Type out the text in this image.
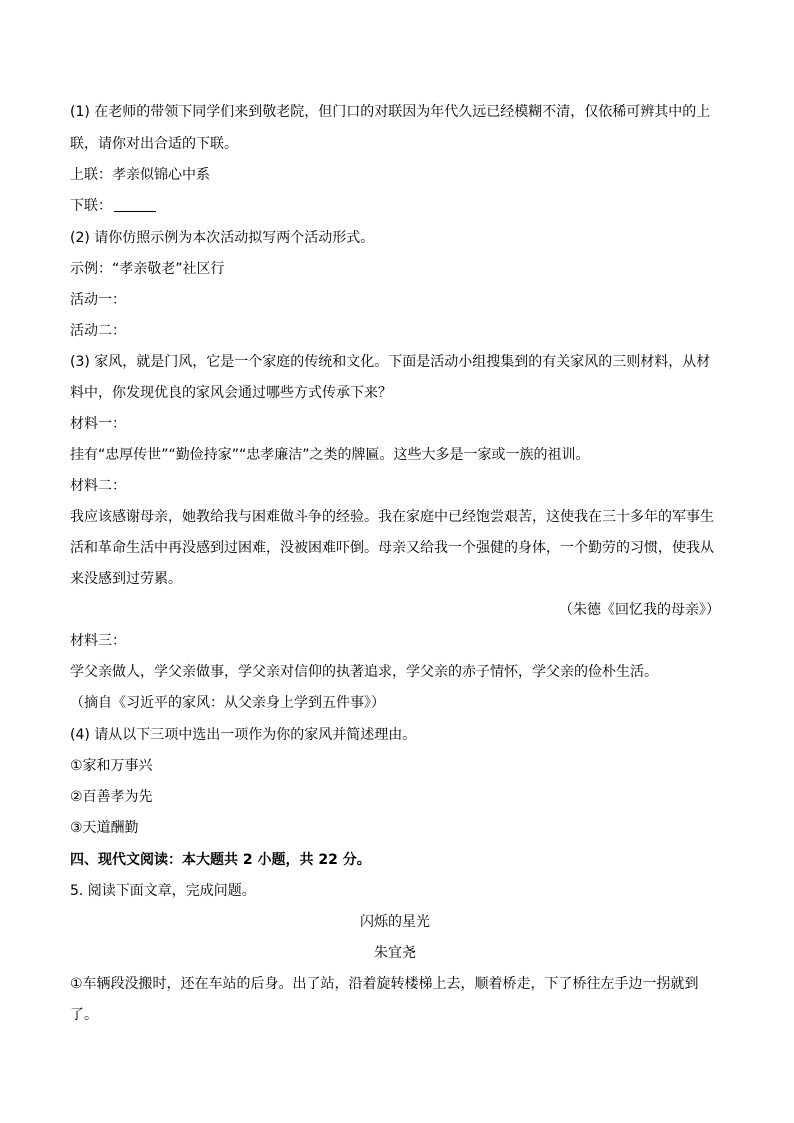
(1) 在老师的带领下同学们来到敬老院，但门口的对联因为年代久远已经模糊不清，仅依稀可辨其中的上
联，请你对出合适的下联。
上联：孝亲似锦心中系
下联：
(2) 请你仿照示例为本次活动拟写两个活动形式。
示例：“孝亲敬老”社区行
活动一：
活动二：
(3) 家风，就是门风，它是一个家庭的传统和文化。下面是活动小组搜集到的有关家风的三则材料，从材
料中，你发现优良的家风会通过哪些方式传承下来？
材料一：
挂有“忠厚传世”“勤俭持家”“忠孝廉洁”之类的牌匾。这些大多是一家或一族的祖训。
材料二：
我应该感谢母亲，她教给我与困难做斗争的经验。我在家庭中已经饱尝艰苦，这使我在三十多年的军事生
活和革命生活中再没感到过困难，没被困难吓倒。母亲又给我一个强健的身体，一个勤劳的习惯，使我从
来没感到过劳累。
（朱德《回忆我的母亲》）
材料三：
学父亲做人，学父亲做事，学父亲对信仰的执著追求，学父亲的赤子情怀，学父亲的俭朴生活。
（摘自《习近平的家风：从父亲身上学到五件事》）
(4) 请从以下三项中选出一项作为你的家风并简述理由。
①家和万事兴
②百善孝为先
③天道酬勤
四、现代文阅读：本大题共 2 小题，共 22 分。
5. 阅读下面文章，完成问题。
闪烁的星光
朱宜尧
①车辆段没搬时，还在车站的后身。出了站，沿着旋转楼梯上去，顺着桥走，下了桥往左手边一拐就到
了。
